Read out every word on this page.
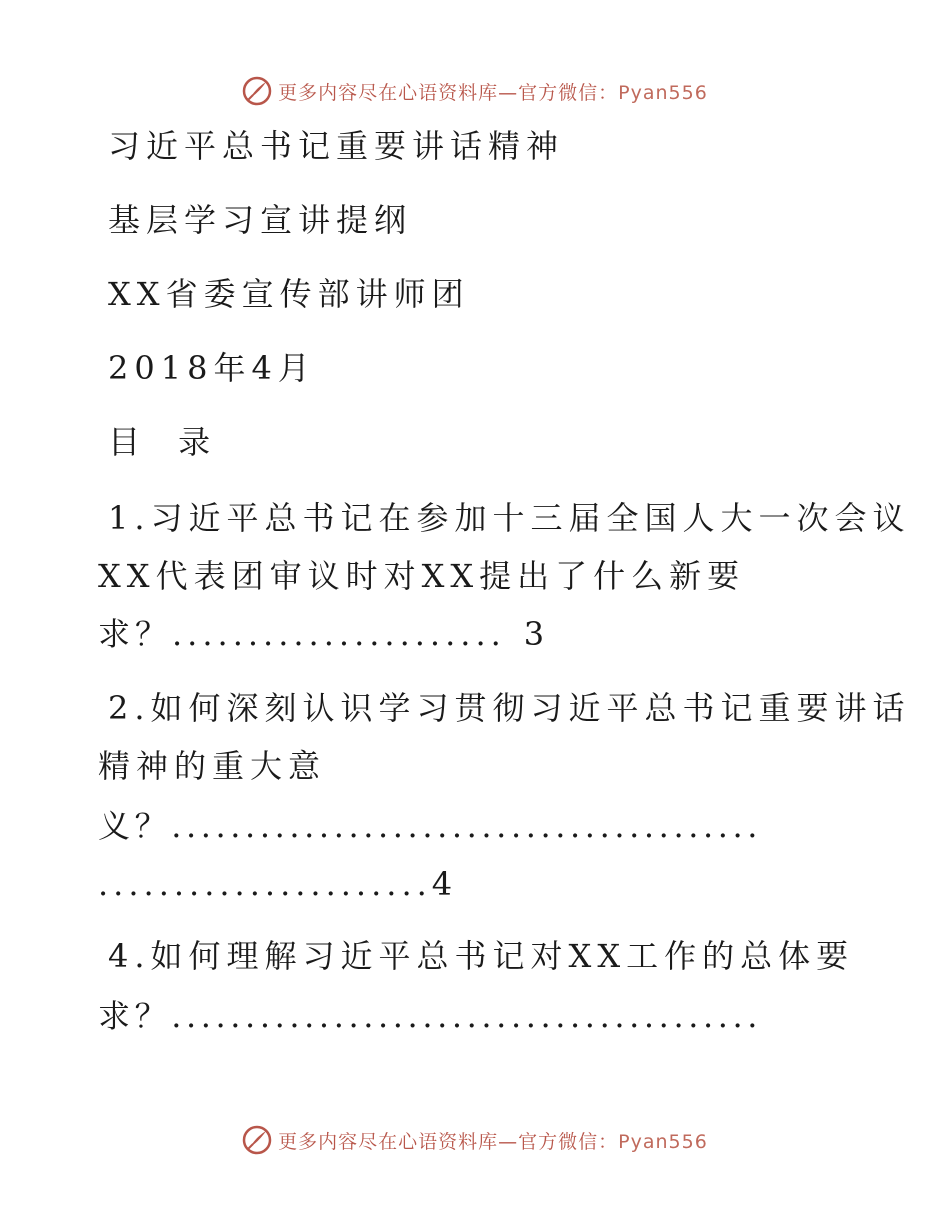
更多内容尽在心语资料库—官方微信：Pyan556
习近平总书记重要讲话精神
基层学习宣讲提纲
XX省委宣传部讲师团
2018年4月
目 录
1.习近平总书记在参加十三届全国人大一次会议
XX代表团审议时对XX提出了什么新要
求？...................... 3
2.如何深刻认识学习贯彻习近平总书记重要讲话
精神的重大意
义？........................................
......................4
4.如何理解习近平总书记对XX工作的总体要
求？........................................
更多内容尽在心语资料库—官方微信：Pyan556
